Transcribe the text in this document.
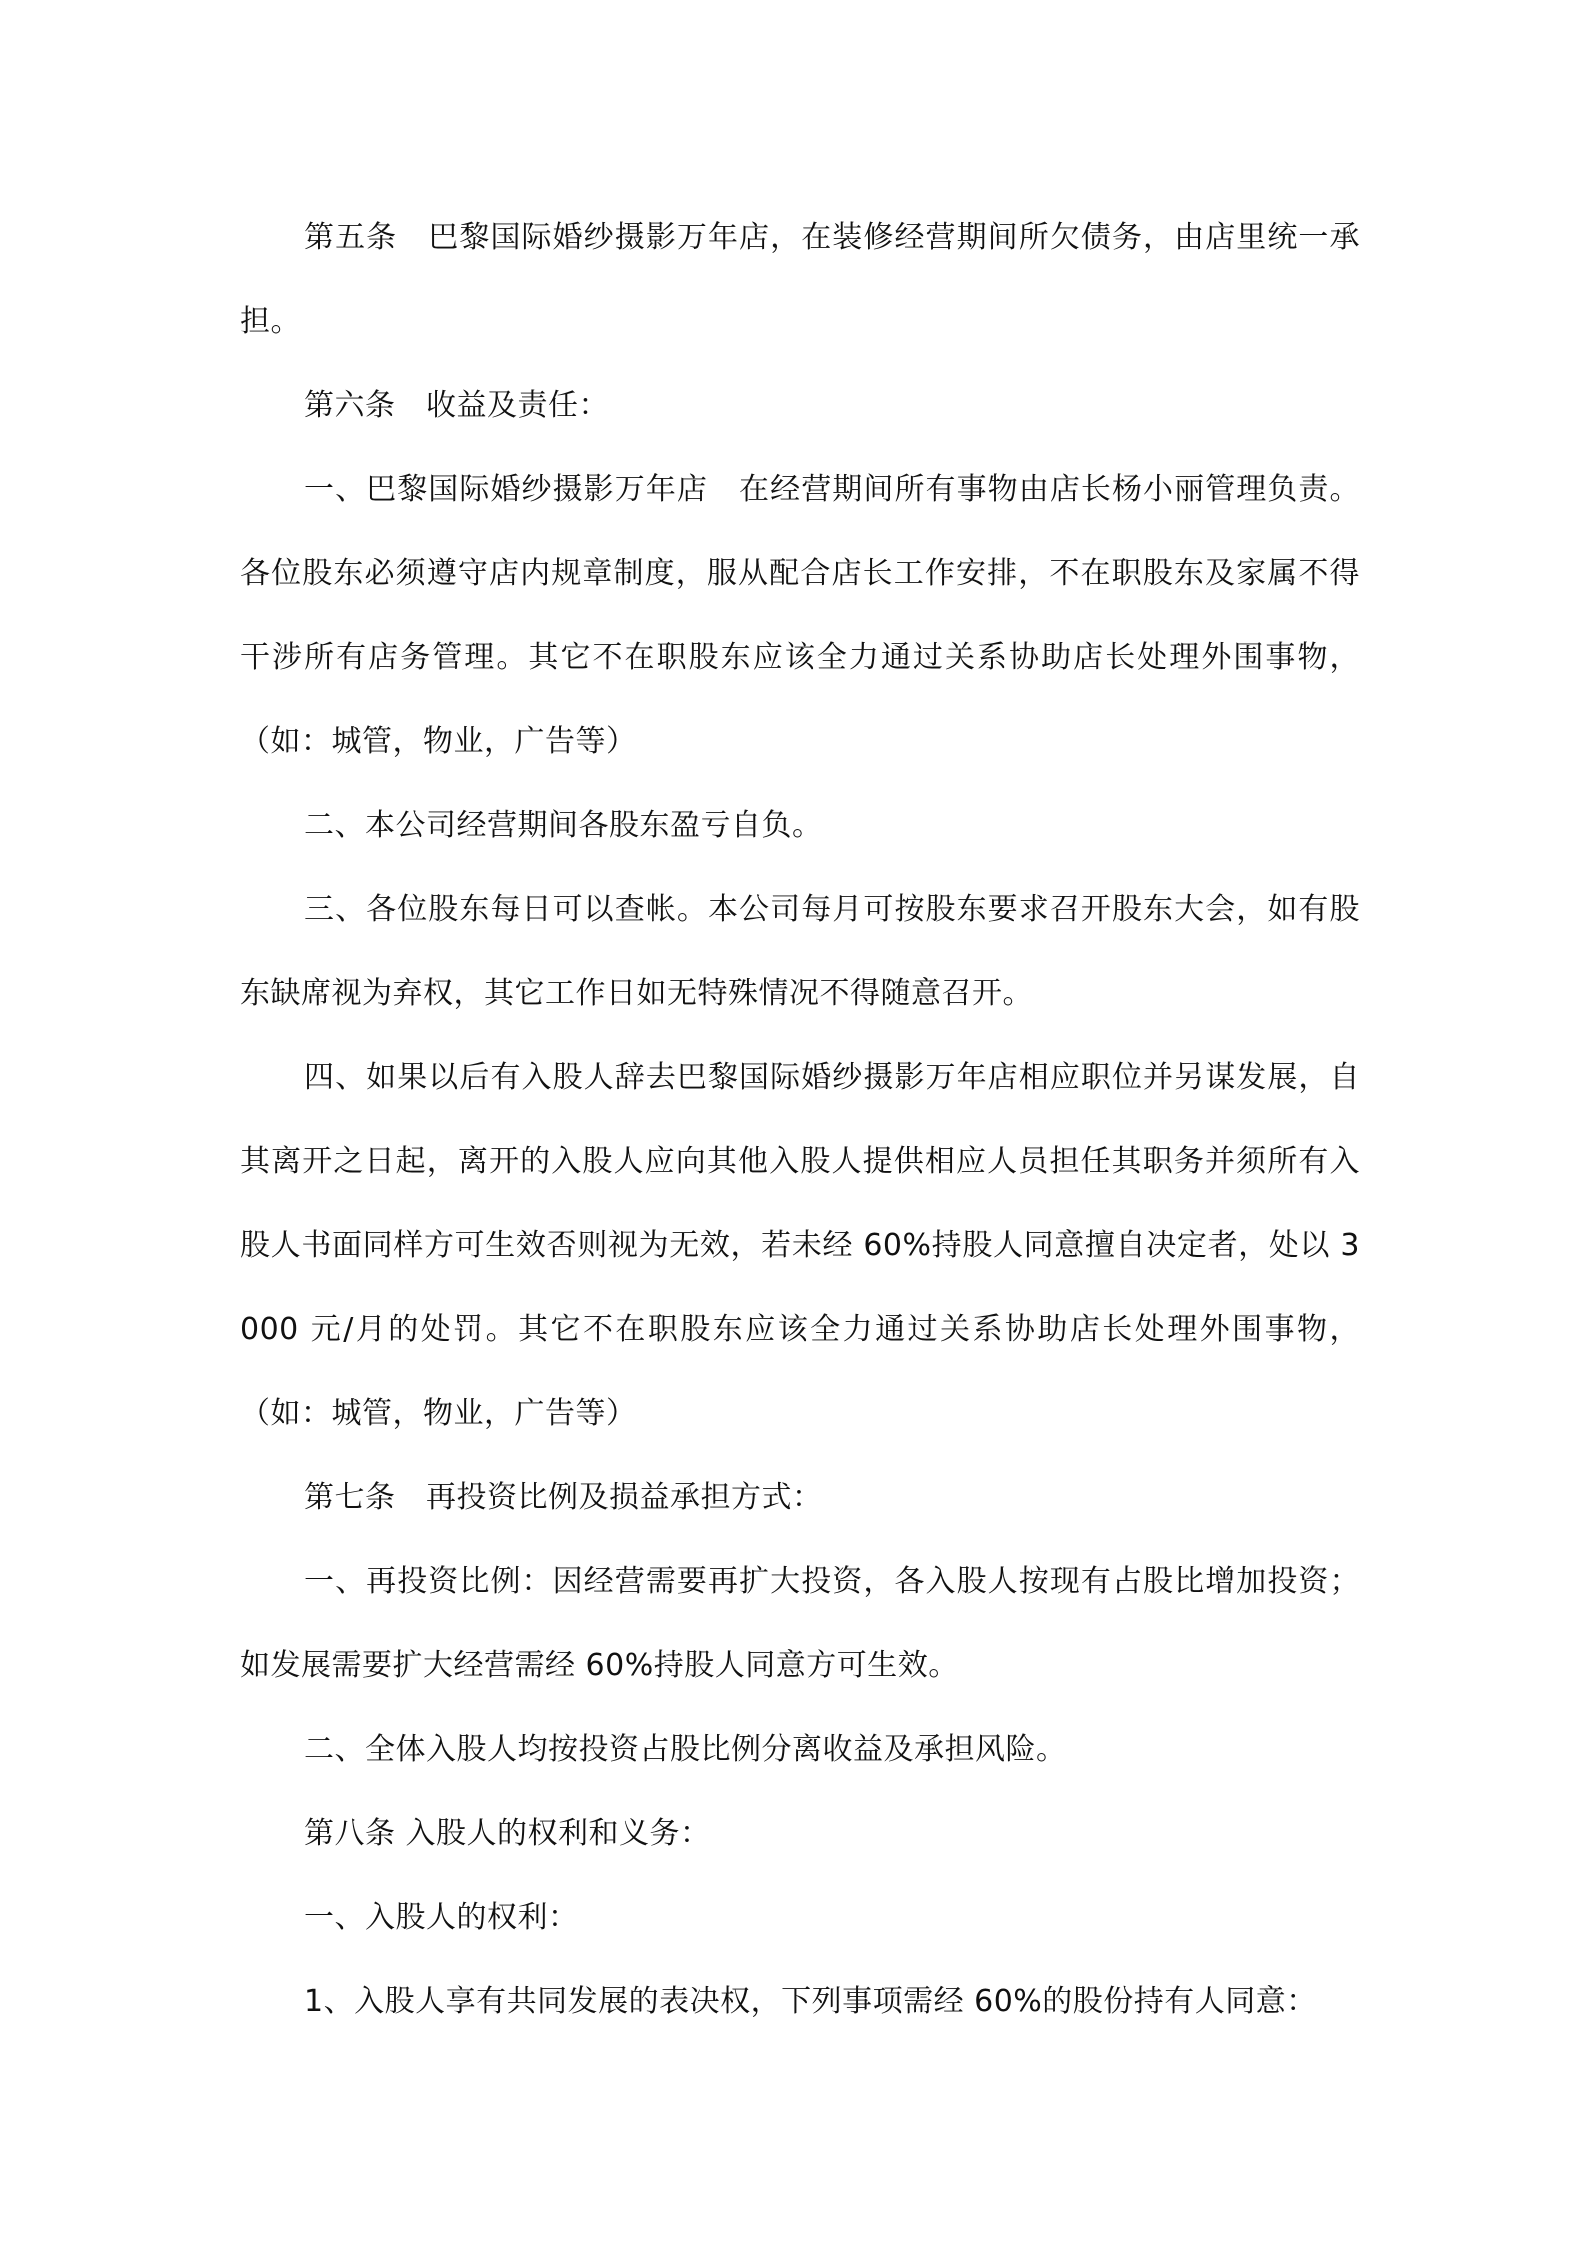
第五条　巴黎国际婚纱摄影万年店，在装修经营期间所欠债务，由店里统一承担。

第六条　收益及责任：

一、巴黎国际婚纱摄影万年店　在经营期间所有事物由店长杨小丽管理负责。各位股东必须遵守店内规章制度，服从配合店长工作安排，不在职股东及家属不得干涉所有店务管理。其它不在职股东应该全力通过关系协助店长处理外围事物，（如：城管，物业，广告等）

二、本公司经营期间各股东盈亏自负。

三、各位股东每日可以查帐。本公司每月可按股东要求召开股东大会，如有股东缺席视为弃权，其它工作日如无特殊情况不得随意召开。

四、如果以后有入股人辞去巴黎国际婚纱摄影万年店相应职位并另谋发展，自其离开之日起，离开的入股人应向其他入股人提供相应人员担任其职务并须所有入股人书面同样方可生效否则视为无效，若未经 60%持股人同意擅自决定者，处以 3000 元/月的处罚。其它不在职股东应该全力通过关系协助店长处理外围事物，（如：城管，物业，广告等）

第七条　再投资比例及损益承担方式：

一、再投资比例：因经营需要再扩大投资，各入股人按现有占股比增加投资；如发展需要扩大经营需经 60%持股人同意方可生效。

二、全体入股人均按投资占股比例分离收益及承担风险。

第八条 入股人的权利和义务：

一、入股人的权利：

1、入股人享有共同发展的表决权，下列事项需经 60%的股份持有人同意：
